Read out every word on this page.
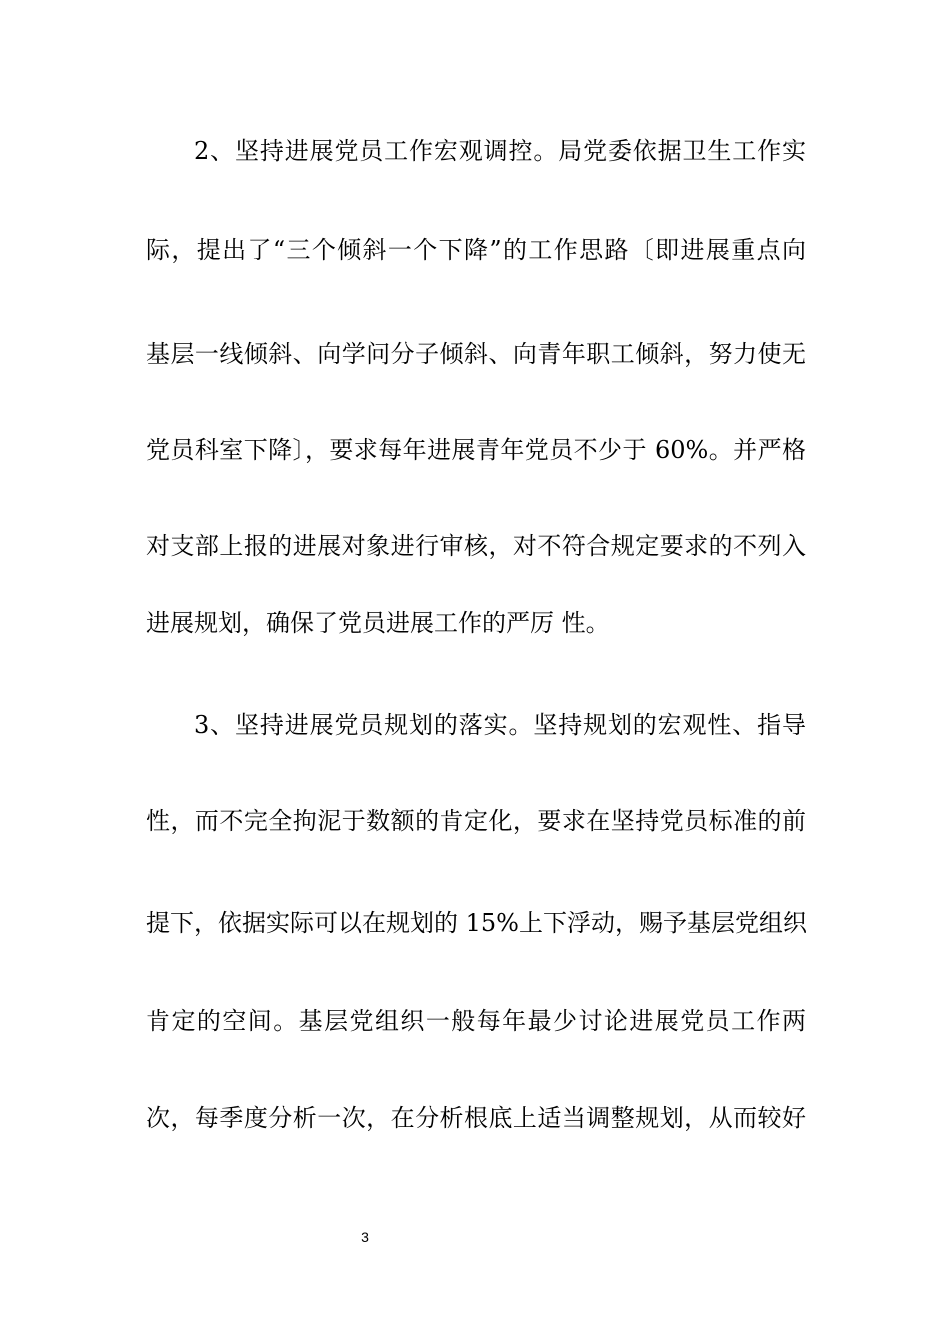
2、坚持进展党员工作宏观调控。局党委依据卫生工作实
际，提出了“三个倾斜一个下降”的工作思路〔即进展重点向
基层一线倾斜、向学问分子倾斜、向青年职工倾斜，努力使无
党员科室下降〕，要求每年进展青年党员不少于 60%。并严格
对支部上报的进展对象进行审核，对不符合规定要求的不列入
进展规划，确保了党员进展工作的严厉 性。
3、坚持进展党员规划的落实。坚持规划的宏观性、指导
性，而不完全拘泥于数额的肯定化，要求在坚持党员标准的前
提下，依据实际可以在规划的 15%上下浮动，赐予基层党组织
肯定的空间。基层党组织一般每年最少讨论进展党员工作两
次，每季度分析一次，在分析根底上适当调整规划，从而较好
3
